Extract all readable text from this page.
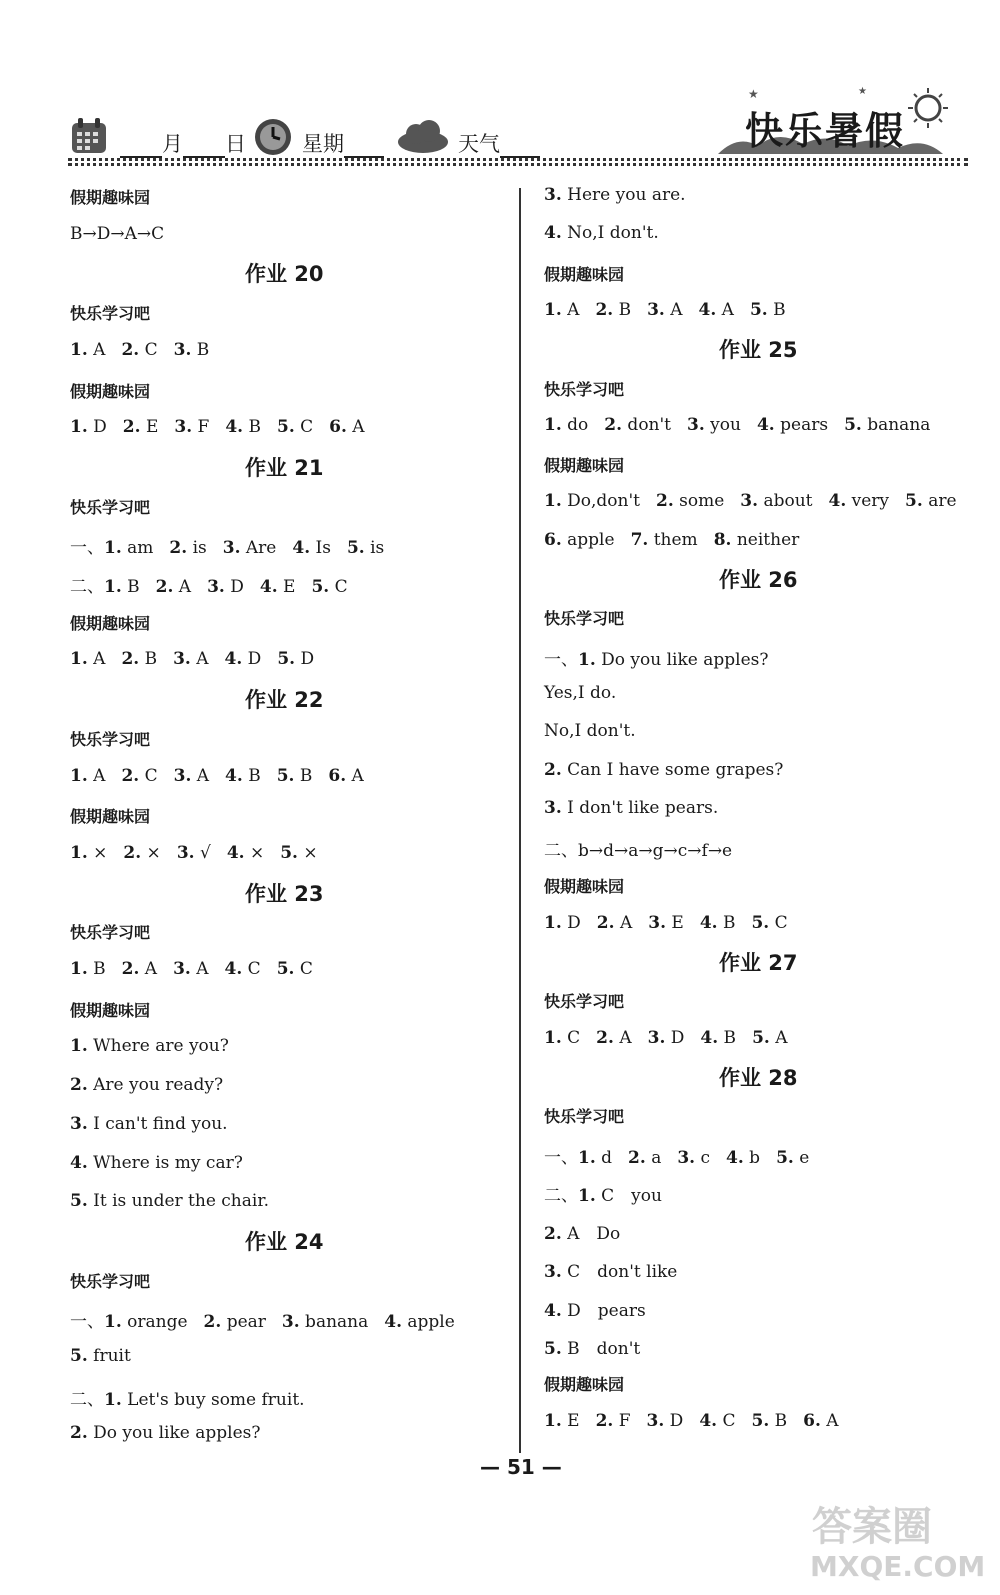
月 日	星期	天气
★	★
快乐暑假
假期趣味园
B→D→A→C
作业 20
快乐学习吧
1. A 2. C 3. B
假期趣味园
1. D 2. E 3. F 4. B 5. C 6. A
作业 21
快乐学习吧
一、1. am 2. is 3. Are 4. Is 5. is
二、1. B 2. A 3. D 4. E 5. C
假期趣味园
1. A 2. B 3. A 4. D 5. D
作业 22
快乐学习吧
1. A 2. C 3. A 4. B 5. B 6. A
假期趣味园
1. × 2. × 3. √ 4. × 5. ×
作业 23
快乐学习吧
1. B 2. A 3. A 4. C 5. C
假期趣味园
1. Where are you?
2. Are you ready?
3. I can't find you.
4. Where is my car?
5. It is under the chair.
作业 24
快乐学习吧
一、1. orange 2. pear 3. banana 4. apple
5. fruit
二、1. Let's buy some fruit.
2. Do you like apples?
3. Here you are.
4. No,I don't.
假期趣味园
1. A 2. B 3. A 4. A 5. B
作业 25
快乐学习吧
1. do 2. don't 3. you 4. pears 5. banana
假期趣味园
1. Do,don't 2. some 3. about 4. very 5. are
6. apple 7. them 8. neither
作业 26
快乐学习吧
一、1. Do you like apples?
Yes,I do.
No,I don't.
2. Can I have some grapes?
3. I don't like pears.
二、b→d→a→g→c→f→e
假期趣味园
1. D 2. A 3. E 4. B 5. C
作业 27
快乐学习吧
1. C 2. A 3. D 4. B 5. A
作业 28
快乐学习吧
一、1. d 2. a 3. c 4. b 5. e
二、1. C　you
2. A　Do
3. C　don't like
4. D　pears
5. B　don't
假期趣味园
1. E 2. F 3. D 4. C 5. B 6. A
— 51 —
答案圈
MXQE.COM
